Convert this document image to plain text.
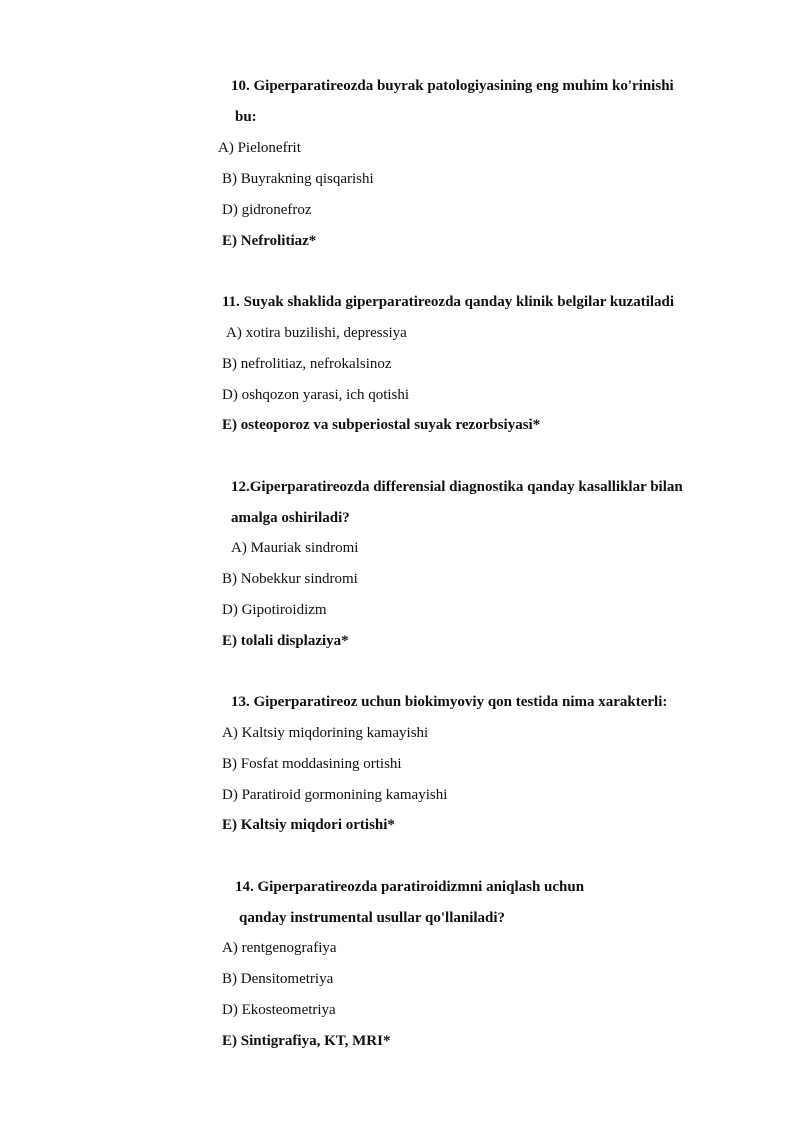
10. Giperparatireozda buyrak patologiyasining eng muhim ko'rinishi
bu:
A) Pielonefrit
B) Buyrakning qisqarishi
D) gidronefroz
E) Nefrolitiaz*
11. Suyak shaklida giperparatireozda qanday klinik belgilar kuzatiladi
A) xotira buzilishi, depressiya
B) nefrolitiaz, nefrokalsinoz
D) oshqozon yarasi, ich qotishi
E) osteoporoz va subperiostal suyak rezorbsiyasi*
12.Giperparatireozda differensial diagnostika qanday kasalliklar bilan
amalga oshiriladi?
A) Mauriak sindromi
B) Nobekkur sindromi
D) Gipotiroidizm
E) tolali displaziya*
13. Giperparatireoz uchun biokimyoviy qon testida nima xarakterli:
A) Kaltsiy miqdorining kamayishi
B) Fosfat moddasining ortishi
D) Paratiroid gormonining kamayishi
E) Kaltsiy miqdori ortishi*
14. Giperparatireozda paratiroidizmni aniqlash uchun
qanday instrumental usullar qo'llaniladi?
A) rentgenografiya
B) Densitometriya
D) Ekosteometriya
E) Sintigrafiya, KT, MRI*
